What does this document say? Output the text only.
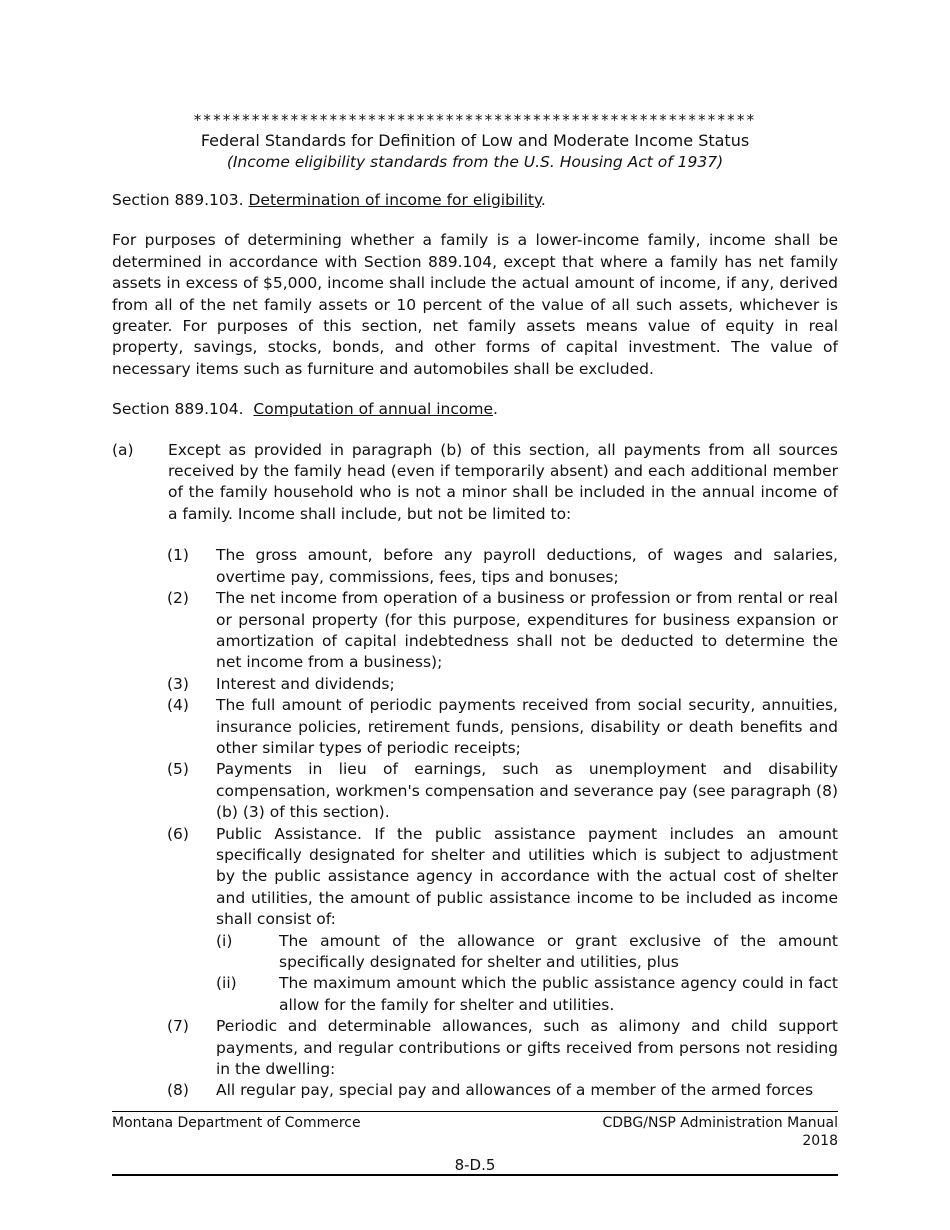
**********************************************************
Federal Standards for Definition of Low and Moderate Income Status
(Income eligibility standards from the U.S. Housing Act of 1937)

Section 889.103. Determination of income for eligibility.

For purposes of determining whether a family is a lower-income family, income shall be determined in accordance with Section 889.104, except that where a family has net family assets in excess of $5,000, income shall include the actual amount of income, if any, derived from all of the net family assets or 10 percent of the value of all such assets, whichever is greater. For purposes of this section, net family assets means value of equity in real property, savings, stocks, bonds, and other forms of capital investment. The value of necessary items such as furniture and automobiles shall be excluded.

Section 889.104. Computation of annual income.

(a) Except as provided in paragraph (b) of this section, all payments from all sources received by the family head (even if temporarily absent) and each additional member of the family household who is not a minor shall be included in the annual income of a family. Income shall include, but not be limited to:
(1) The gross amount, before any payroll deductions, of wages and salaries, overtime pay, commissions, fees, tips and bonuses;
(2) The net income from operation of a business or profession or from rental or real or personal property (for this purpose, expenditures for business expansion or amortization of capital indebtedness shall not be deducted to determine the net income from a business);
(3) Interest and dividends;
(4) The full amount of periodic payments received from social security, annuities, insurance policies, retirement funds, pensions, disability or death benefits and other similar types of periodic receipts;
(5) Payments in lieu of earnings, such as unemployment and disability compensation, workmen's compensation and severance pay (see paragraph (8) (b) (3) of this section).
(6) Public Assistance. If the public assistance payment includes an amount specifically designated for shelter and utilities which is subject to adjustment by the public assistance agency in accordance with the actual cost of shelter and utilities, the amount of public assistance income to be included as income shall consist of:
(i)	The amount of the allowance or grant exclusive of the amount specifically designated for shelter and utilities, plus
(ii)	The maximum amount which the public assistance agency could in fact allow for the family for shelter and utilities.
(7) Periodic and determinable allowances, such as alimony and child support payments, and regular contributions or gifts received from persons not residing in the dwelling:
(8) All regular pay, special pay and allowances of a member of the armed forces
Montana Department of Commerce	CDBG/NSP Administration Manual
2018
8-D.5
